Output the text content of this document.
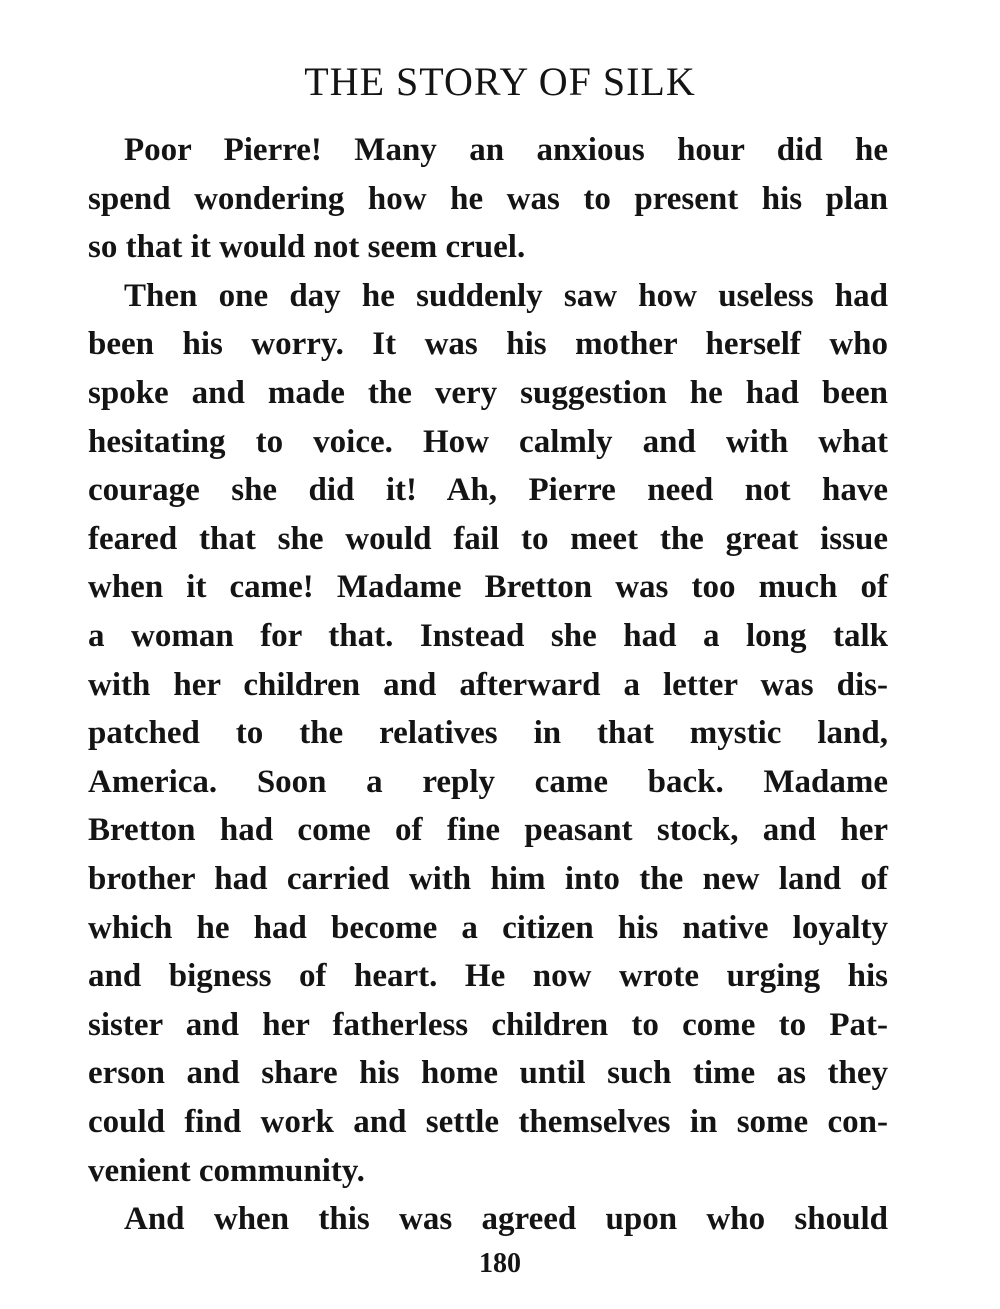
THE STORY OF SILK
Poor Pierre! Many an anxious hour did he
spend wondering how he was to present his plan
so that it would not seem cruel.
Then one day he suddenly saw how useless had
been his worry. It was his mother herself who
spoke and made the very suggestion he had been
hesitating to voice. How calmly and with what
courage she did it! Ah, Pierre need not have
feared that she would fail to meet the great issue
when it came! Madame Bretton was too much of
a woman for that. Instead she had a long talk
with her children and afterward a letter was dis-
patched to the relatives in that mystic land,
America. Soon a reply came back. Madame
Bretton had come of fine peasant stock, and her
brother had carried with him into the new land of
which he had become a citizen his native loyalty
and bigness of heart. He now wrote urging his
sister and her fatherless children to come to Pat-
erson and share his home until such time as they
could find work and settle themselves in some con-
venient community.
And when this was agreed upon who should
180
